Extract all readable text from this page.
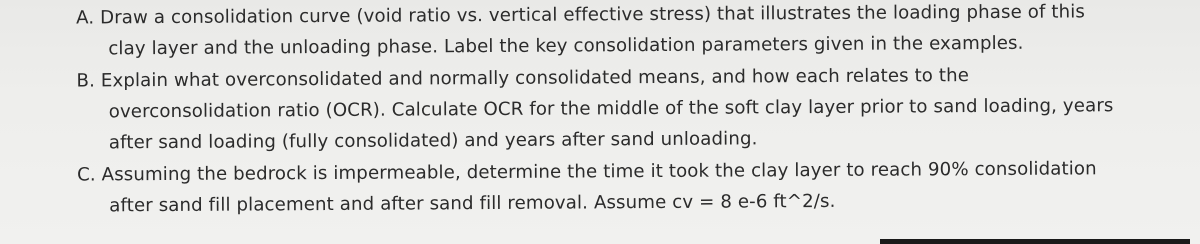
A. Draw a consolidation curve (void ratio vs. vertical effective stress) that illustrates the loading phase of this
clay layer and the unloading phase. Label the key consolidation parameters given in the examples.
B. Explain what overconsolidated and normally consolidated means, and how each relates to the
overconsolidation ratio (OCR). Calculate OCR for the middle of the soft clay layer prior to sand loading, years
after sand loading (fully consolidated) and years after sand unloading.
C. Assuming the bedrock is impermeable, determine the time it took the clay layer to reach 90% consolidation
after sand fill placement and after sand fill removal. Assume cv = 8 e-6 ft^2/s.
